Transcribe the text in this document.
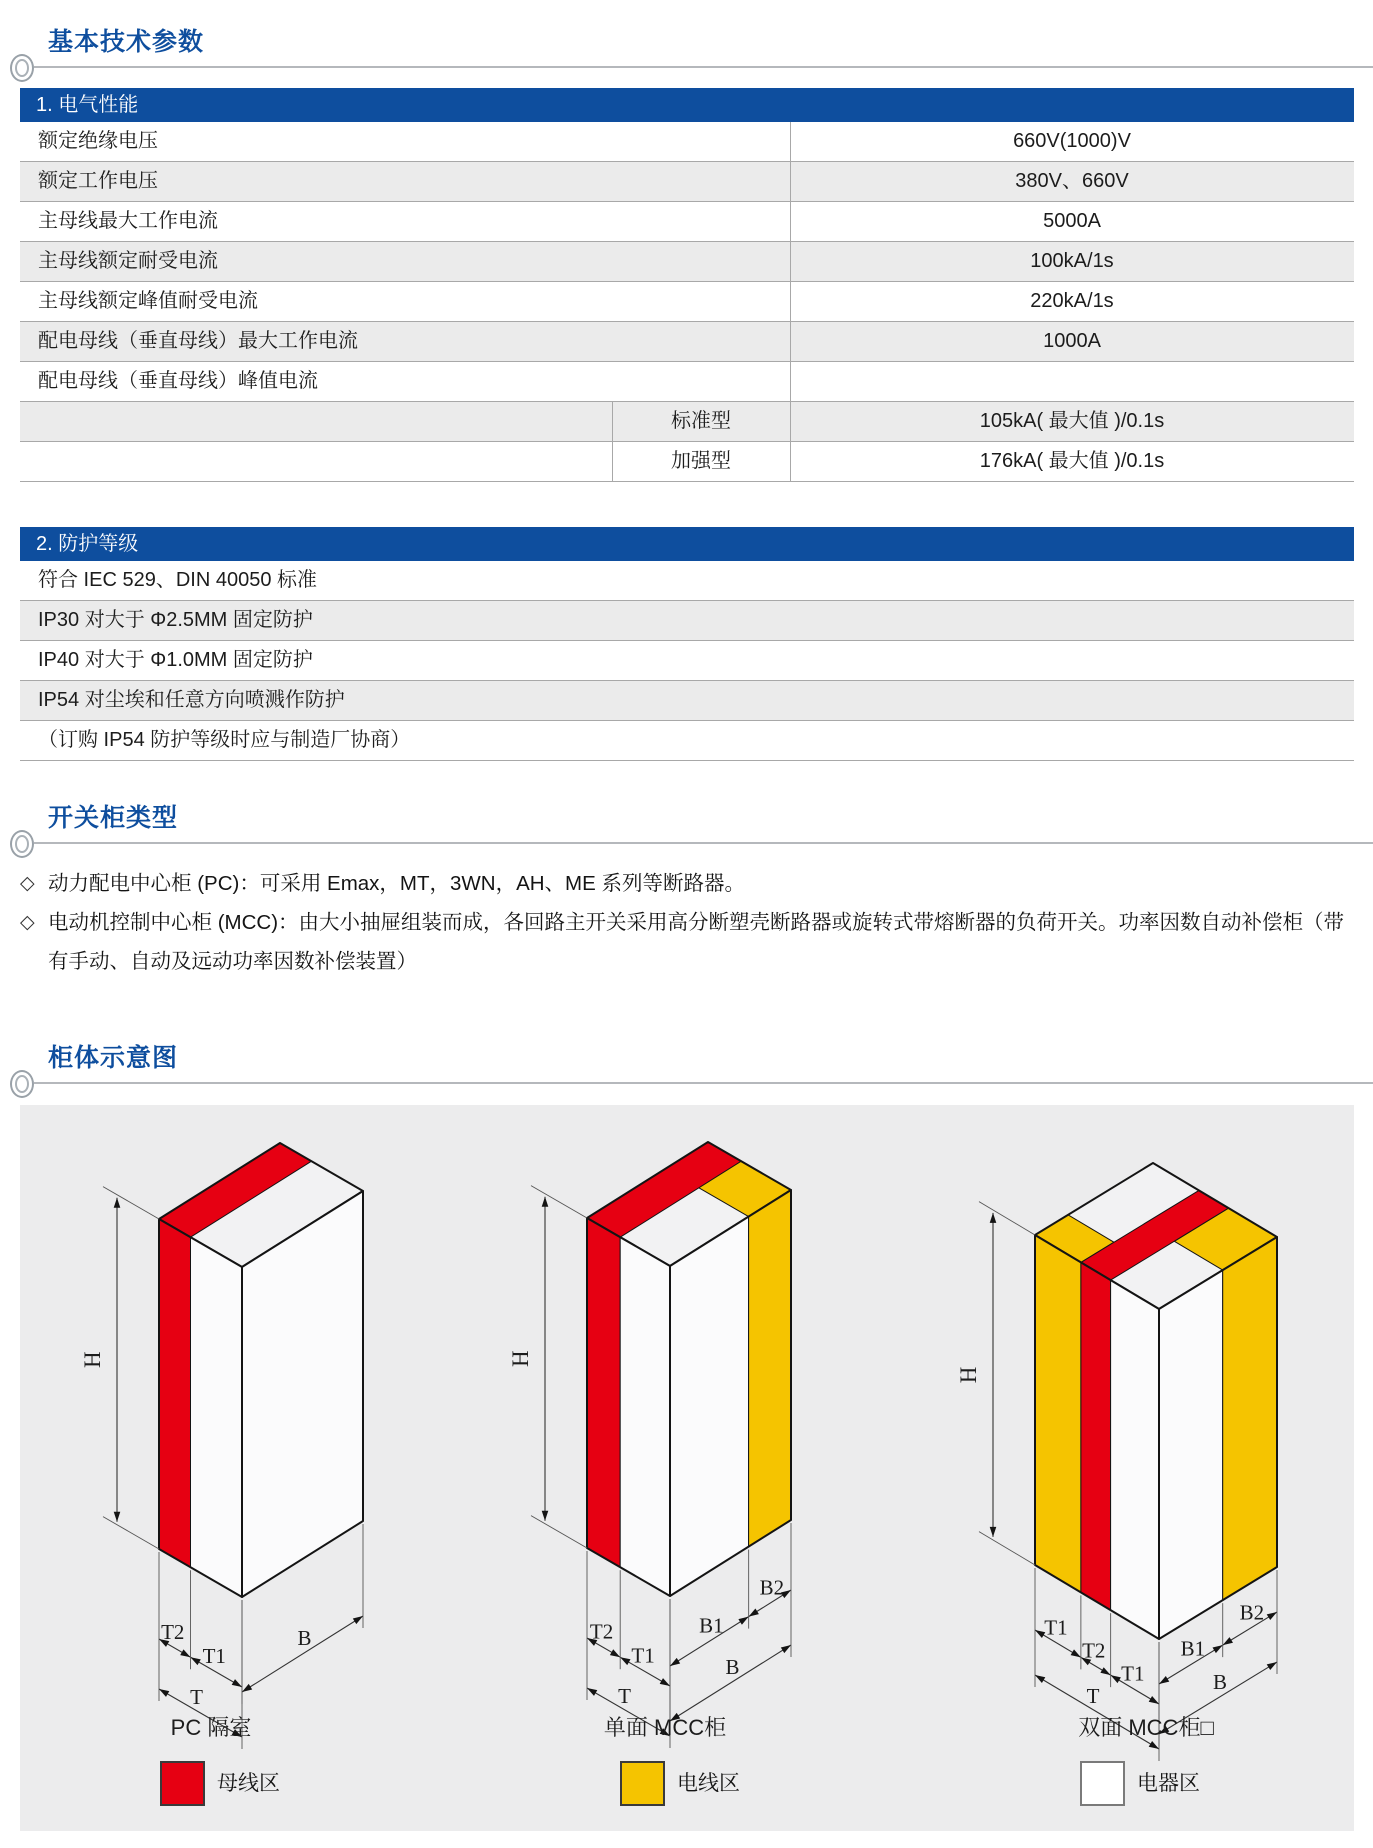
基本技术参数
1. 电气性能
额定绝缘电压	660V(1000)V
额定工作电压	380V、660V
主母线最大工作电流	5000A
主母线额定耐受电流	100kA/1s
主母线额定峰值耐受电流	220kA/1s
配电母线（垂直母线）最大工作电流	1000A
配电母线（垂直母线）峰值电流
标准型	105kA( 最大值 )/0.1s
加强型	176kA( 最大值 )/0.1s
2. 防护等级
符合 IEC 529、DIN 40050 标准
IP30 对大于 Φ2.5MM 固定防护
IP40 对大于 Φ1.0MM 固定防护
IP54 对尘埃和任意方向喷溅作防护
（订购 IP54 防护等级时应与制造厂协商）
开关柜类型
◇ 动力配电中心柜 (PC)：可采用 Emax，MT，3WN，AH、ME 系列等断路器。
◇ 电动机控制中心柜 (MCC)：由大小抽屉组装而成，各回路主开关采用高分断塑壳断路器或旋转式带熔断器的负荷开关。功率因数自动补偿柜（带有手动、自动及远动功率因数补偿装置）
柜体示意图
H
T2
T1
T
B
PC 隔室
H
T2
T1
T
B1
B2
B
单面 MCC柜
H
T1
T2
T1
T
B1
B2
B
双面 MCC柜□
母线区	电线区	电器区
